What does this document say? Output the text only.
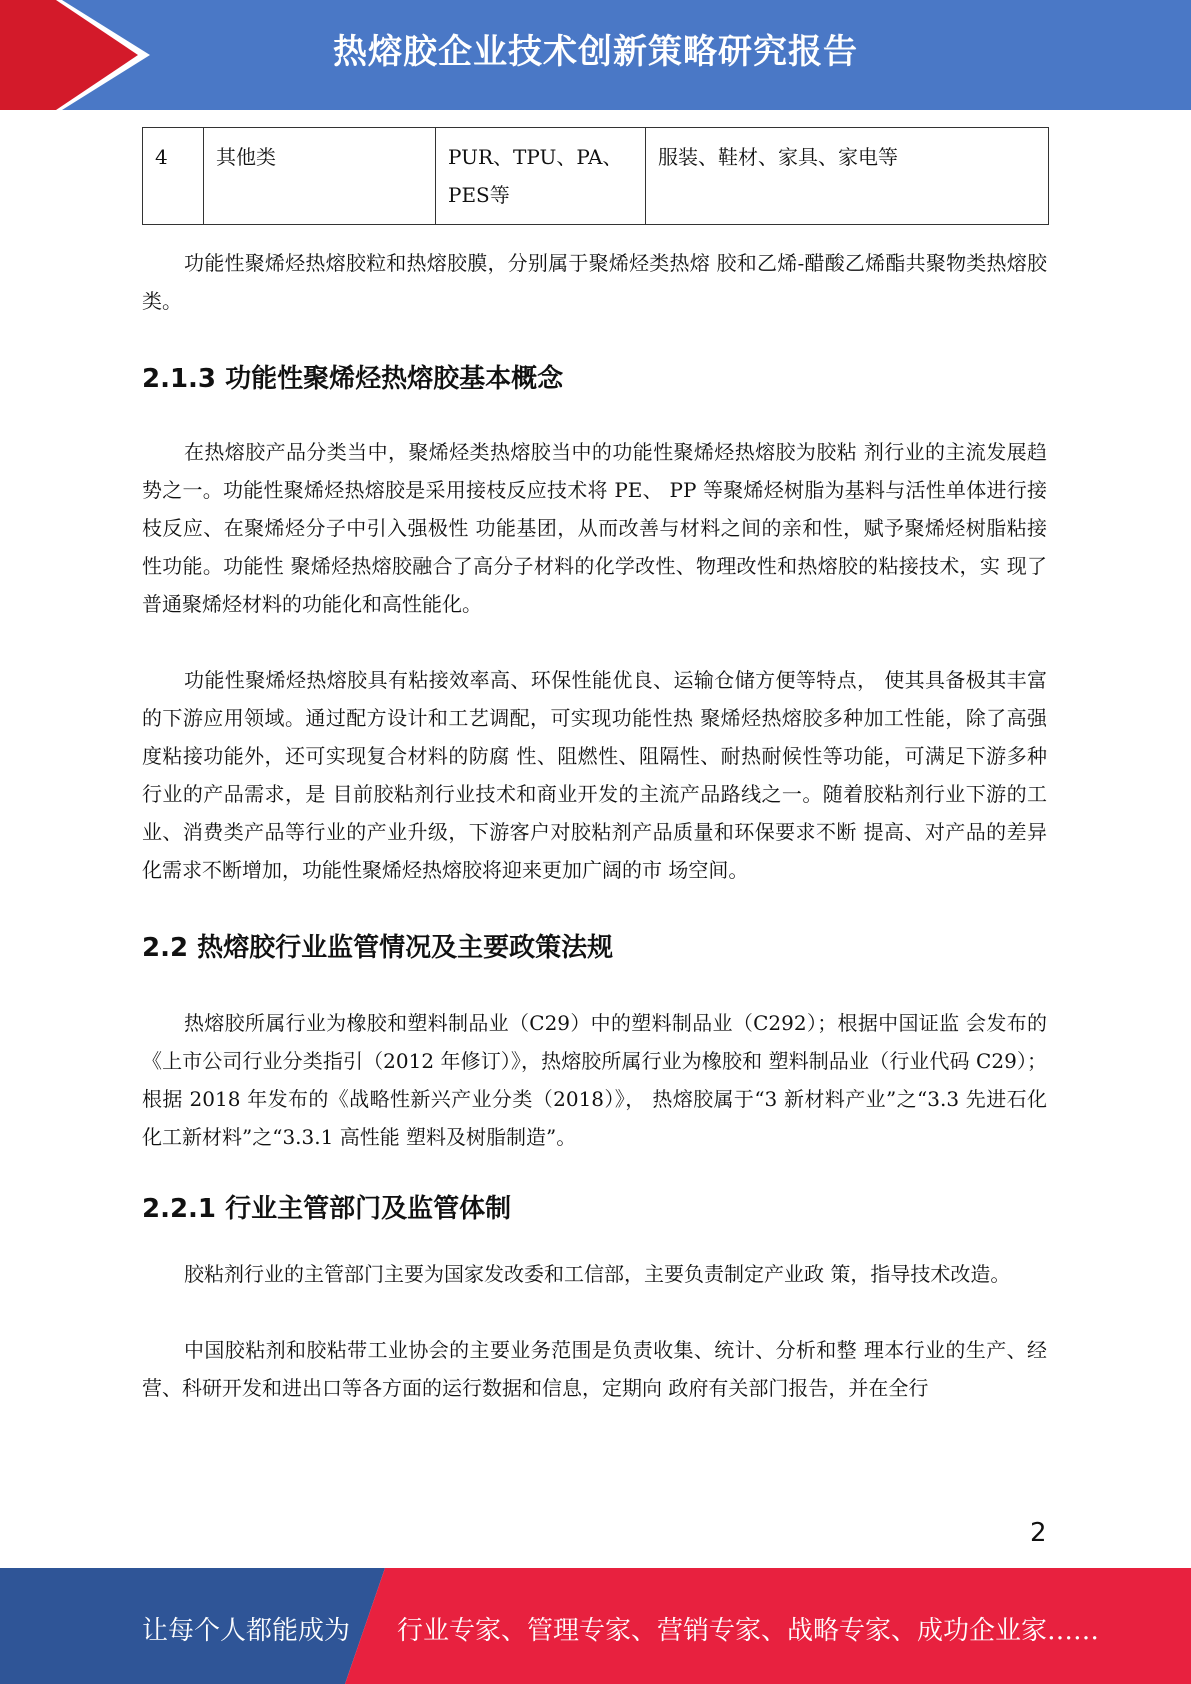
热熔胶企业技术创新策略研究报告
4	其他类	PUR、TPU、PA、PES等	服装、鞋材、家具、家电等

功能性聚烯烃热熔胶粒和热熔胶膜，分别属于聚烯烃类热熔 胶和乙烯-醋酸乙烯酯共聚物类热熔胶类。

2.1.3 功能性聚烯烃热熔胶基本概念

在热熔胶产品分类当中，聚烯烃类热熔胶当中的功能性聚烯烃热熔胶为胶粘 剂行业的主流发展趋势之一。功能性聚烯烃热熔胶是采用接枝反应技术将 PE、 PP 等聚烯烃树脂为基料与活性单体进行接枝反应、在聚烯烃分子中引入强极性 功能基团，从而改善与材料之间的亲和性，赋予聚烯烃树脂粘接性功能。功能性 聚烯烃热熔胶融合了高分子材料的化学改性、物理改性和热熔胶的粘接技术，实 现了普通聚烯烃材料的功能化和高性能化。

功能性聚烯烃热熔胶具有粘接效率高、环保性能优良、运输仓储方便等特点， 使其具备极其丰富的下游应用领域。通过配方设计和工艺调配，可实现功能性热 聚烯烃热熔胶多种加工性能，除了高强度粘接功能外，还可实现复合材料的防腐 性、阻燃性、阻隔性、耐热耐候性等功能，可满足下游多种行业的产品需求，是 目前胶粘剂行业技术和商业开发的主流产品路线之一。随着胶粘剂行业下游的工 业、消费类产品等行业的产业升级，下游客户对胶粘剂产品质量和环保要求不断 提高、对产品的差异化需求不断增加，功能性聚烯烃热熔胶将迎来更加广阔的市 场空间。

2.2 热熔胶行业监管情况及主要政策法规

热熔胶所属行业为橡胶和塑料制品业（C29）中的塑料制品业（C292）；根据中国证监 会发布的《上市公司行业分类指引（2012 年修订）》，热熔胶所属行业为橡胶和 塑料制品业（行业代码 C29）；根据 2018 年发布的《战略性新兴产业分类（2018）》， 热熔胶属于“3 新材料产业”之“3.3 先进石化化工新材料”之“3.3.1 高性能 塑料及树脂制造”。

2.2.1 行业主管部门及监管体制

胶粘剂行业的主管部门主要为国家发改委和工信部，主要负责制定产业政 策，指导技术改造。

中国胶粘剂和胶粘带工业协会的主要业务范围是负责收集、统计、分析和整 理本行业的生产、经营、科研开发和进出口等各方面的运行数据和信息，定期向 政府有关部门报告，并在全行

2
让每个人都能成为 行业专家、管理专家、营销专家、战略专家、成功企业家……
